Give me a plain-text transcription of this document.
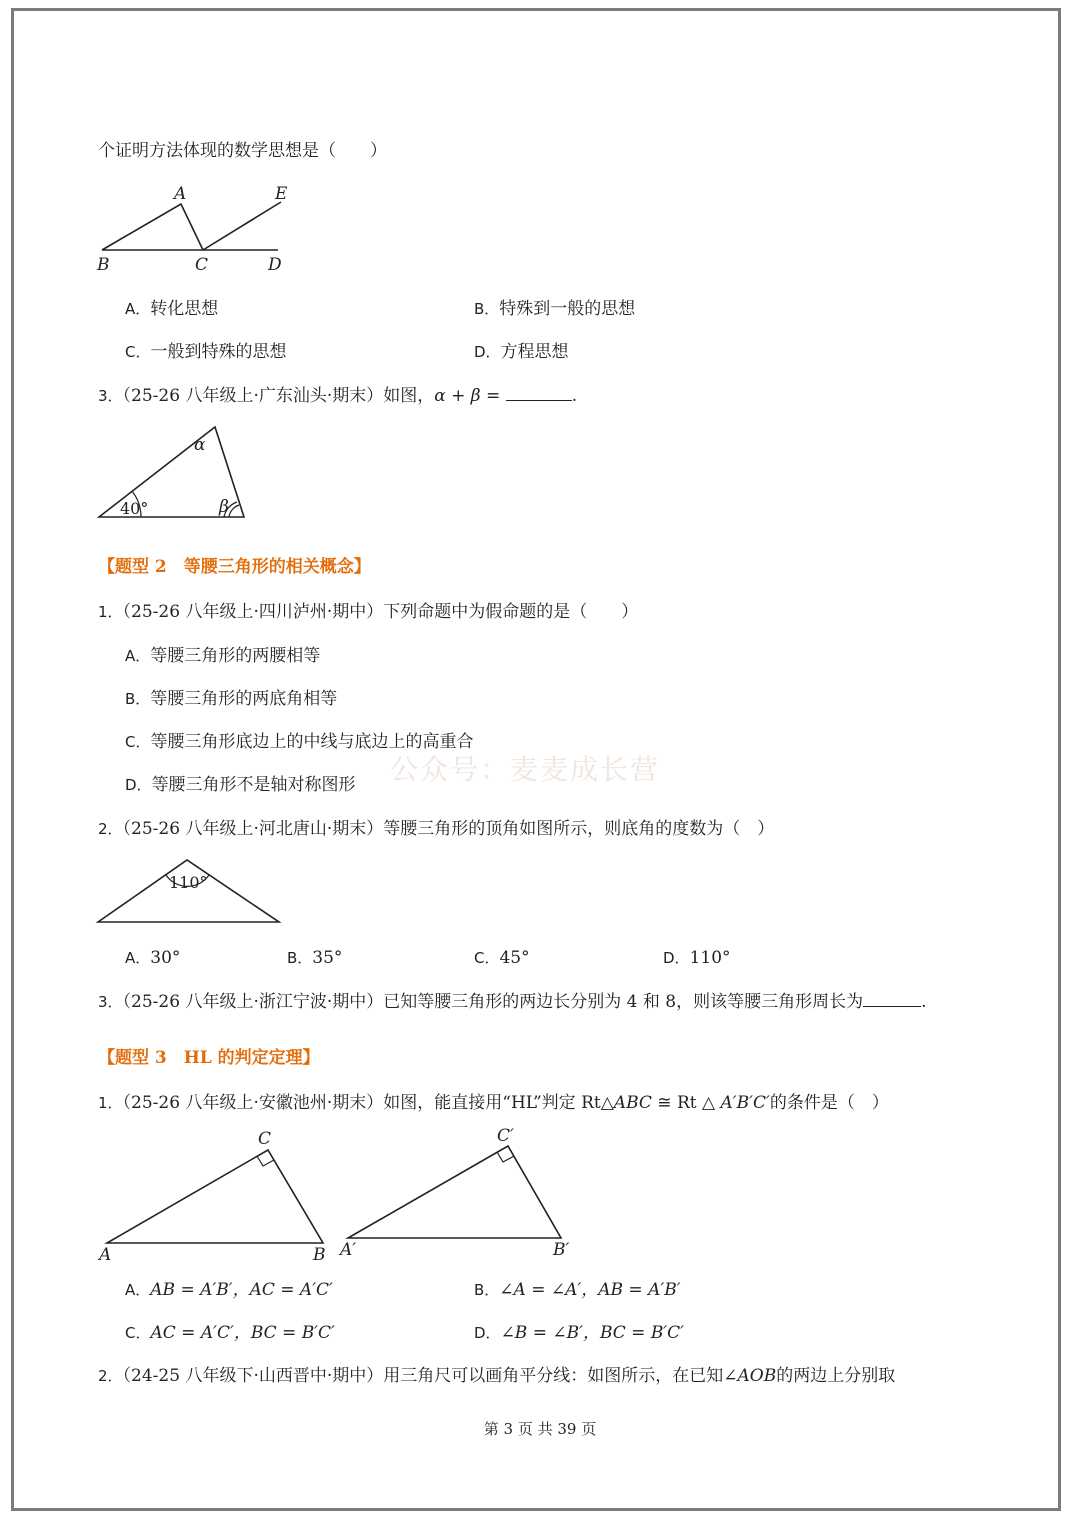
个证明方法体现的数学思想是（　　）
A	E
B	C	D
A．转化思想	B．特殊到一般的思想
C．一般到特殊的思想	D．方程思想
3．（25-26 八年级上·广东汕头·期末）如图，α + β =	.
α
β
40°
【题型 2　等腰三角形的相关概念】
1．（25-26 八年级上·四川泸州·期中）下列命题中为假命题的是（　　）
A．等腰三角形的两腰相等
B．等腰三角形的两底角相等
C．等腰三角形底边上的中线与底边上的高重合
D．等腰三角形不是轴对称图形 公众号：麦麦成长营
2．（25-26 八年级上·河北唐山·期末）等腰三角形的顶角如图所示，则底角的度数为（　）
110°
A．30°	B．35°	C．45°	D．110°
3．（25-26 八年级上·浙江宁波·期中）已知等腰三角形的两边长分别为 4 和 8，则该等腰三角形周长为	.
【题型 3　HL 的判定定理】
1．（25-26 八年级上·安徽池州·期末）如图，能直接用“HL”判定 Rt△ABC ≅ Rt △ A′B′C′的条件是（　）
A	B
C
A′	B′
C′
A．AB = A′B′，AC = A′C′	B．∠A = ∠A′，AB = A′B′
C．AC = A′C′，BC = B′C′	D．∠B = ∠B′，BC = B′C′
2．（24-25 八年级下·山西晋中·期中）用三角尺可以画角平分线：如图所示，在已知∠AOB的两边上分别取
第 3 页 共 39 页
